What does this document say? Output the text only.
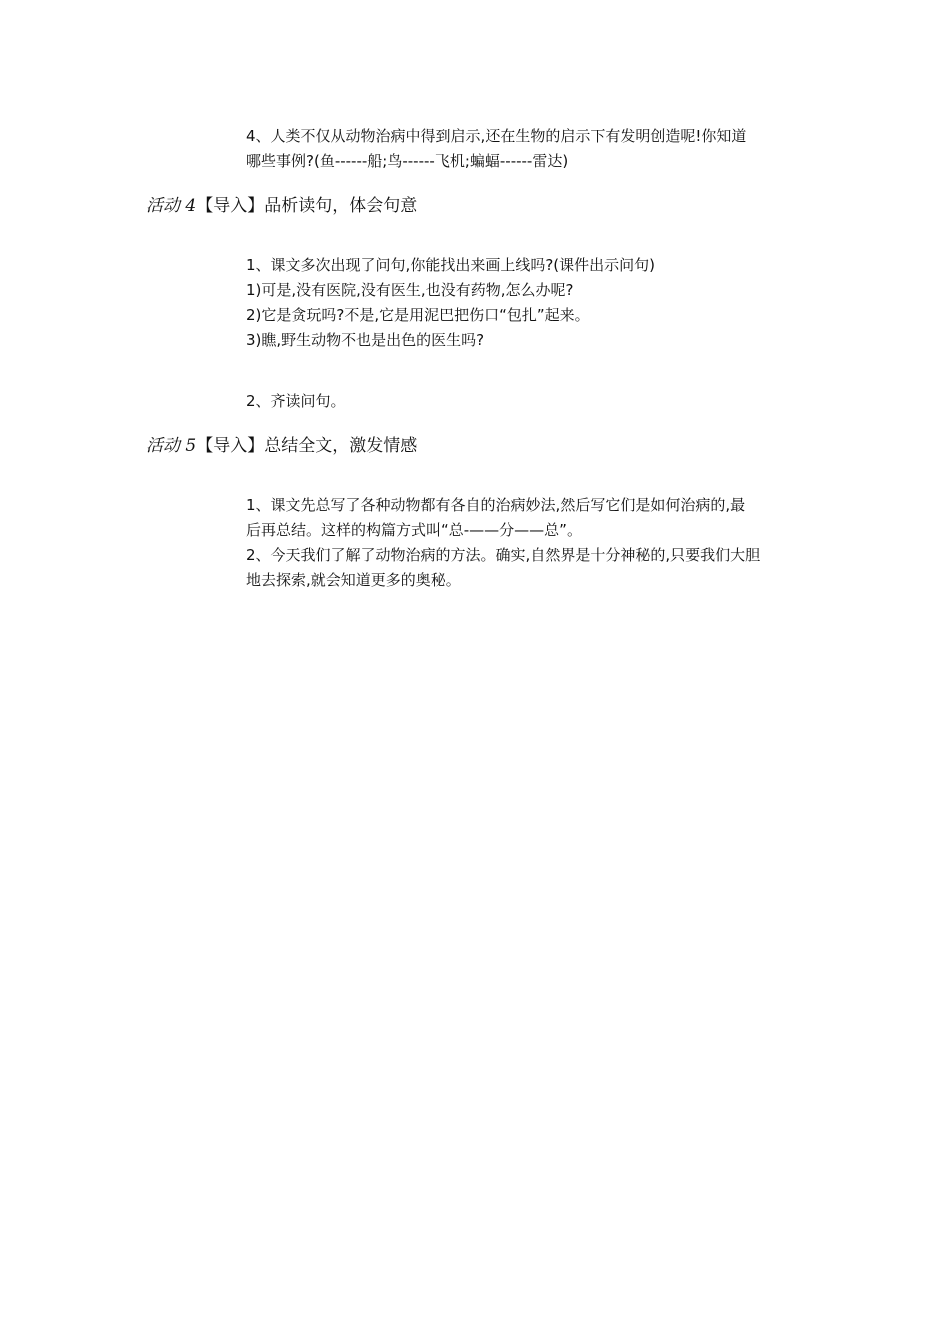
4、人类不仅从动物治病中得到启示,还在生物的启示下有发明创造呢!你知道
哪些事例?(鱼------船;鸟------飞机;蝙蝠------雷达)
活动 4【导入】品析读句，体会句意
1、课文多次出现了问句,你能找出来画上线吗?(课件出示问句)
1)可是,没有医院,没有医生,也没有药物,怎么办呢?
2)它是贪玩吗?不是,它是用泥巴把伤口“包扎”起来。
3)瞧,野生动物不也是出色的医生吗?
2、齐读问句。
活动 5【导入】总结全文，激发情感
1、课文先总写了各种动物都有各自的治病妙法,然后写它们是如何治病的,最
后再总结。这样的构篇方式叫“总-——分——总”。
2、今天我们了解了动物治病的方法。确实,自然界是十分神秘的,只要我们大胆
地去探索,就会知道更多的奥秘。
